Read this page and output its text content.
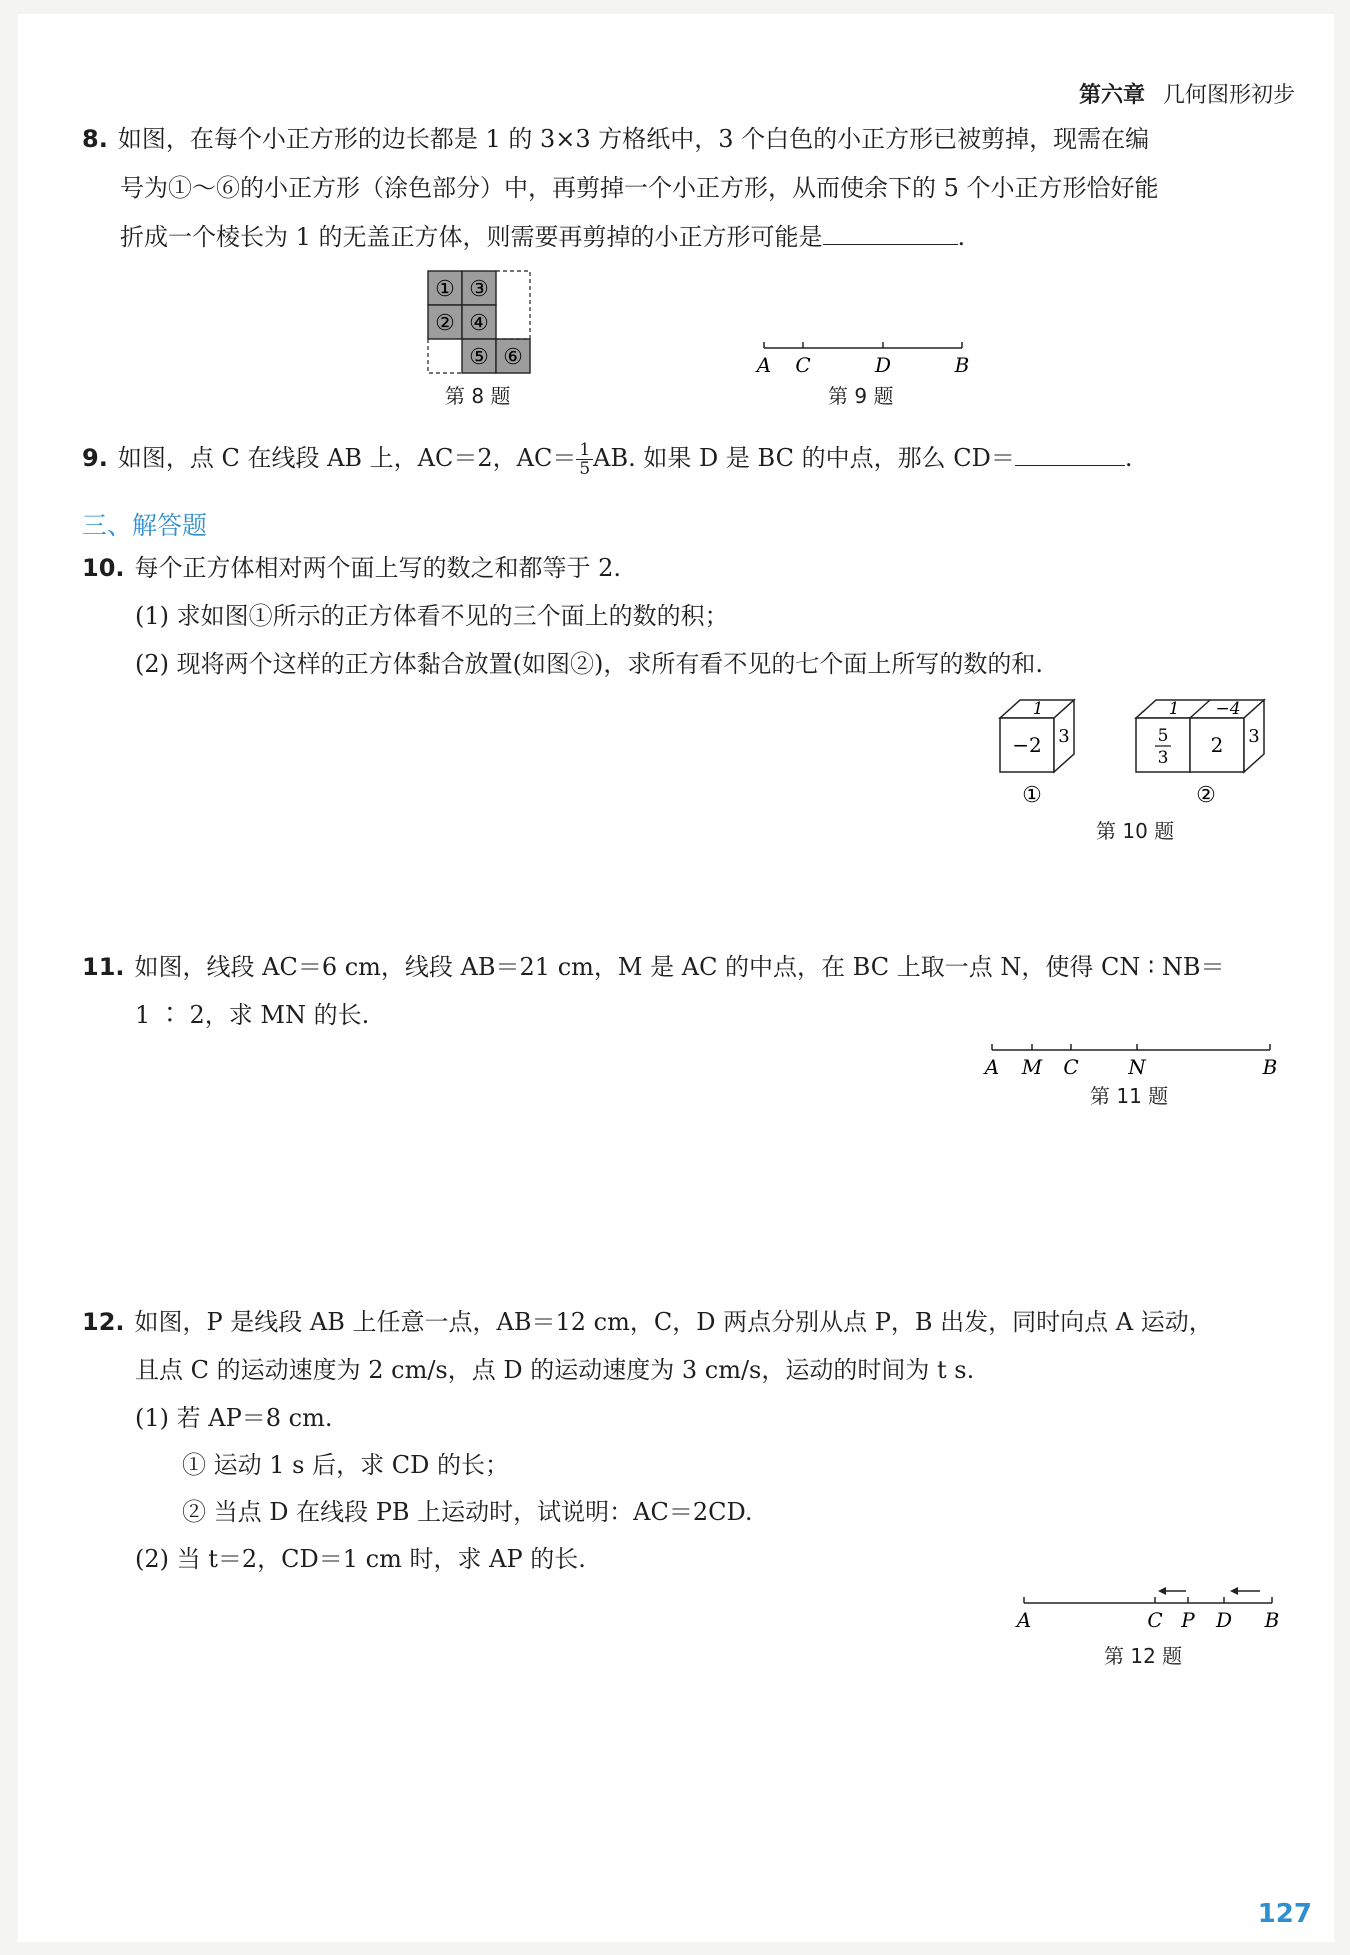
第六章 几何图形初步
8. 如图，在每个小正方形的边长都是 1 的 3×3 方格纸中，3 个白色的小正方形已被剪掉，现需在编
号为①～⑥的小正方形（涂色部分）中，再剪掉一个小正方形，从而使余下的 5 个小正方形恰好能
折成一个棱长为 1 的无盖正方体，则需要再剪掉的小正方形可能是	.
① ③
② ④
⑤ ⑥
第 8 题
A C	D	B
第 9 题
9. 如图，点 C 在线段 AB 上，AC＝2，$AC= \frac{1}{5}$ AB. 如果 D 是 BC 的中点，那么 CD＝	.
三、解答题
10. 每个正方体相对两个面上写的数之和都等于 2.
(1) 求如图①所示的正方体看不见的三个面上的数的积；
(2) 现将两个这样的正方体黏合放置(如图②)，求所有看不见的七个面上所写的数的和.
1
−2 3
①
1 −4
5
3
2 3
②
第 10 题
11. 如图，线段 AC＝6 cm，线段 AB＝21 cm，M 是 AC 的中点，在 BC 上取一点 N，使得 CN ∶ NB＝
1 ∶ 2，求 MN 的长.
A M C N	B
第 11 题
12. 如图，P 是线段 AB 上任意一点，AB＝12 cm，C，D 两点分别从点 P，B 出发，同时向点 A 运动，
且点 C 的运动速度为 2 cm/s，点 D 的运动速度为 3 cm/s，运动的时间为 t s.
(1) 若 AP＝8 cm.
① 运动 1 s 后，求 CD 的长；
② 当点 D 在线段 PB 上运动时，试说明：AC＝2CD.
(2) 当 t＝2，CD＝1 cm 时，求 AP 的长.
A	C P D B
第 12 题
127
